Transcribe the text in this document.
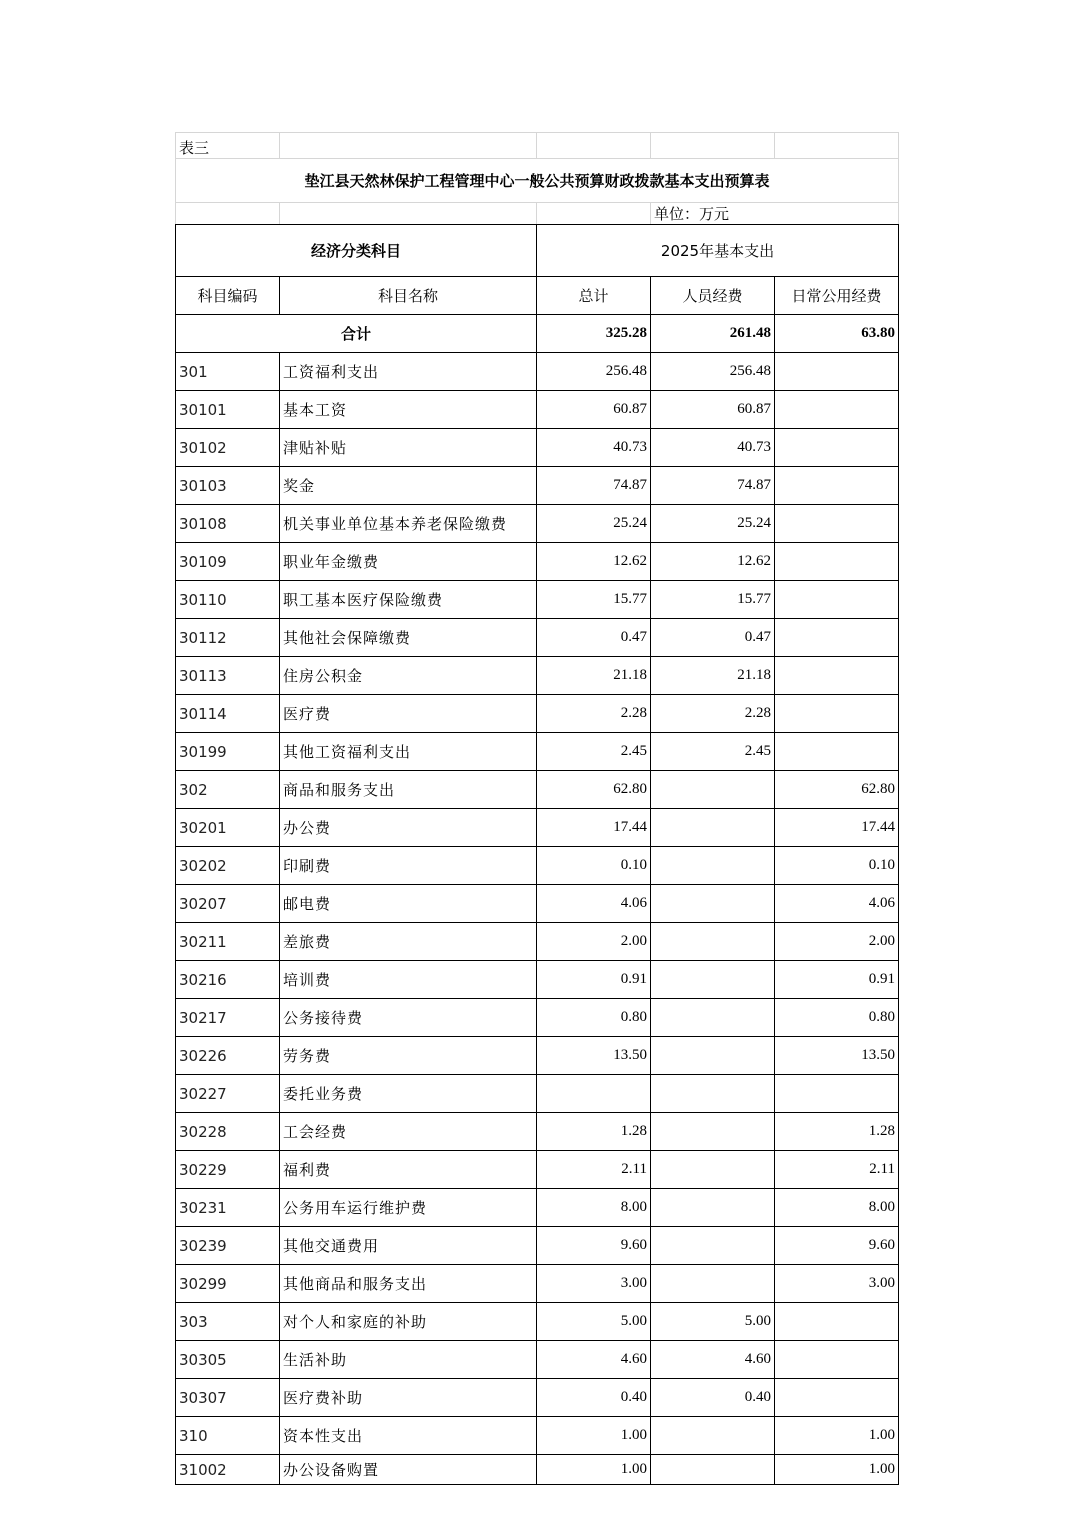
表三				
垫江县天然林保护工程管理中心一般公共预算财政拨款基本支出预算表				
			单位：万元	
经济分类科目		2025年基本支出		
科目编码	科目名称	总计	人员经费	日常公用经费
合计		325.28	261.48	63.80
301	工资福利支出	256.48	256.48	
30101	基本工资	60.87	60.87	
30102	津贴补贴	40.73	40.73	
30103	奖金	74.87	74.87	
30108	机关事业单位基本养老保险缴费	25.24	25.24	
30109	职业年金缴费	12.62	12.62	
30110	职工基本医疗保险缴费	15.77	15.77	
30112	其他社会保障缴费	0.47	0.47	
30113	住房公积金	21.18	21.18	
30114	医疗费	2.28	2.28	
30199	其他工资福利支出	2.45	2.45	
302	商品和服务支出	62.80		62.80
30201	办公费	17.44		17.44
30202	印刷费	0.10		0.10
30207	邮电费	4.06		4.06
30211	差旅费	2.00		2.00
30216	培训费	0.91		0.91
30217	公务接待费	0.80		0.80
30226	劳务费	13.50		13.50
30227	委托业务费			
30228	工会经费	1.28		1.28
30229	福利费	2.11		2.11
30231	公务用车运行维护费	8.00		8.00
30239	其他交通费用	9.60		9.60
30299	其他商品和服务支出	3.00		3.00
303	对个人和家庭的补助	5.00	5.00	
30305	生活补助	4.60	4.60	
30307	医疗费补助	0.40	0.40	
310	资本性支出	1.00		1.00
31002	办公设备购置	1.00		1.00
